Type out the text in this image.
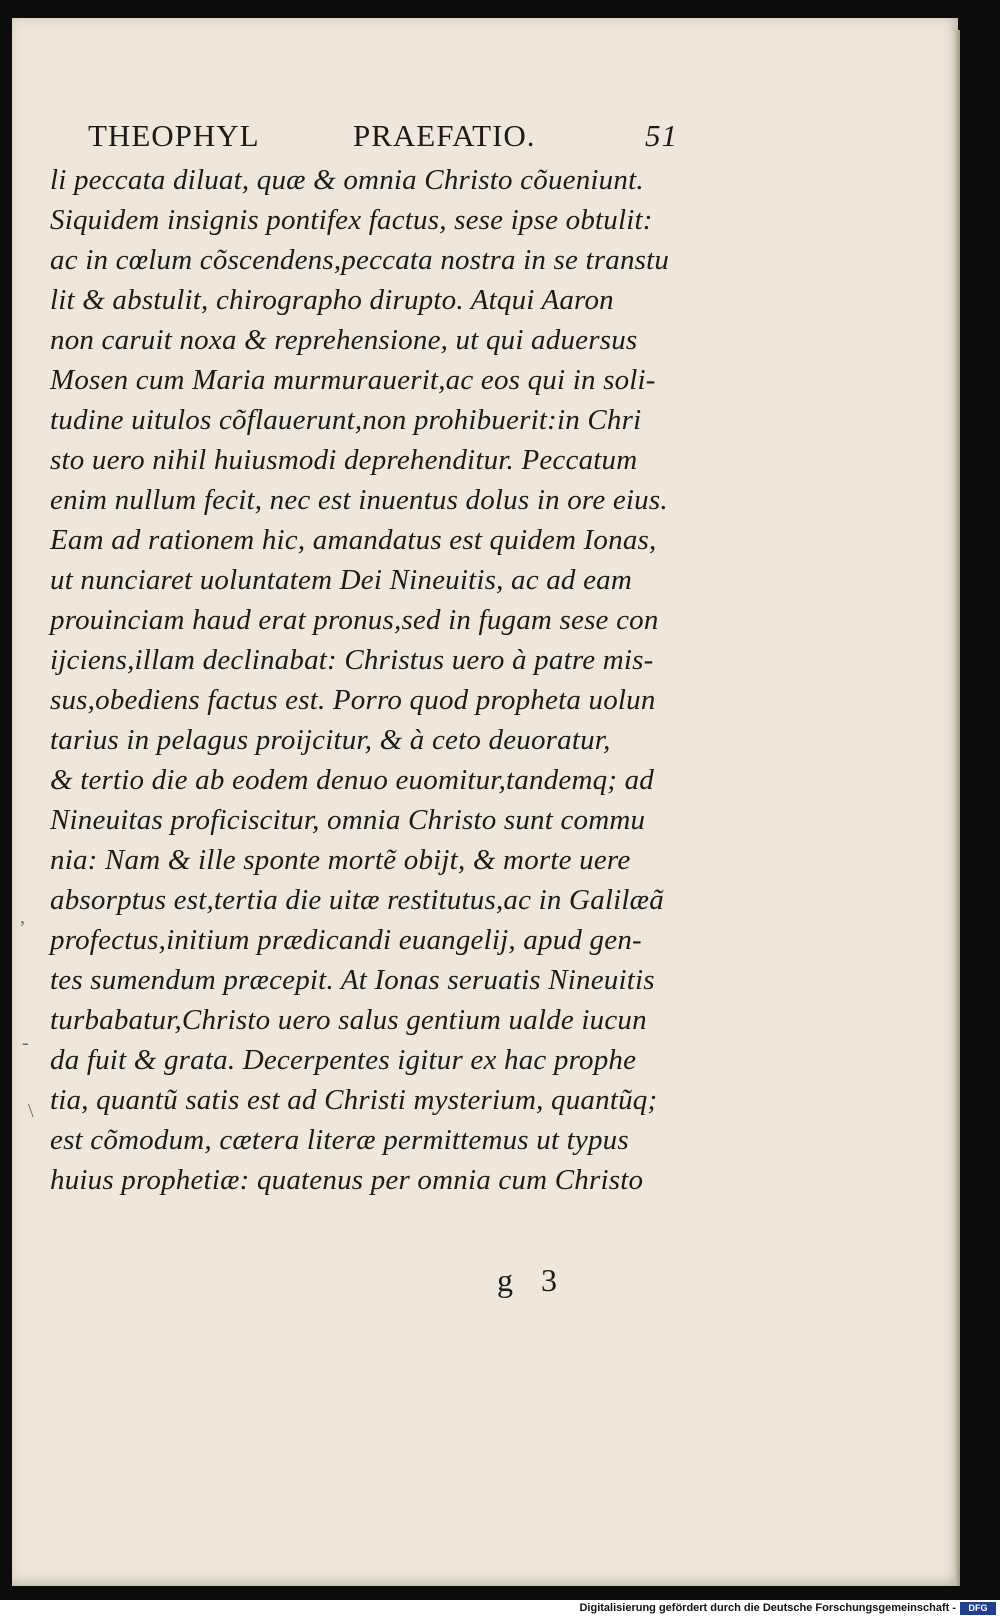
THEOPHYL	PRAEFATIO.	51
li peccata diluat, quæ & omnia Christo cõueniunt.
Siquidem insignis pontifex factus, sese ipse obtulit:
ac in cœlum cõscendens,peccata nostra in se transtu
lit & abstulit, chirographo dirupto. Atqui Aaron
non caruit noxa & reprehensione, ut qui aduersus
Mosen cum Maria murmurauerit,ac eos qui in soli-
tudine uitulos cõflauerunt,non prohibuerit:in Chri
sto uero nihil huiusmodi deprehenditur. Peccatum
enim nullum fecit, nec est inuentus dolus in ore eius.
Eam ad rationem hic, amandatus est quidem Ionas,
ut nunciaret uoluntatem Dei Nineuitis, ac ad eam
prouinciam haud erat pronus,sed in fugam sese con
ijciens,illam declinabat: Christus uero à patre mis-
sus,obediens factus est. Porro quod propheta uolun
tarius in pelagus proijcitur, & à ceto deuoratur,
& tertio die ab eodem denuo euomitur,tandemq; ad
Nineuitas proficiscitur, omnia Christo sunt commu
nia: Nam & ille sponte mortẽ obijt, & morte uere
absorptus est,tertia die uitæ restitutus,ac in Galilæã
profectus,initium prædicandi euangelij, apud gen-
tes sumendum præcepit. At Ionas seruatis Nineuitis
turbabatur,Christo uero salus gentium ualde iucun
da fuit & grata. Decerpentes igitur ex hac prophe
tia, quantũ satis est ad Christi mysterium, quantũq;
est cõmodum, cætera literæ permittemus ut typus
huius prophetiæ: quatenus per omnia cum Christo
g 3
,
-
\
Digitalisierung gefördert durch die Deutsche Forschungsgemeinschaft -	DFG
